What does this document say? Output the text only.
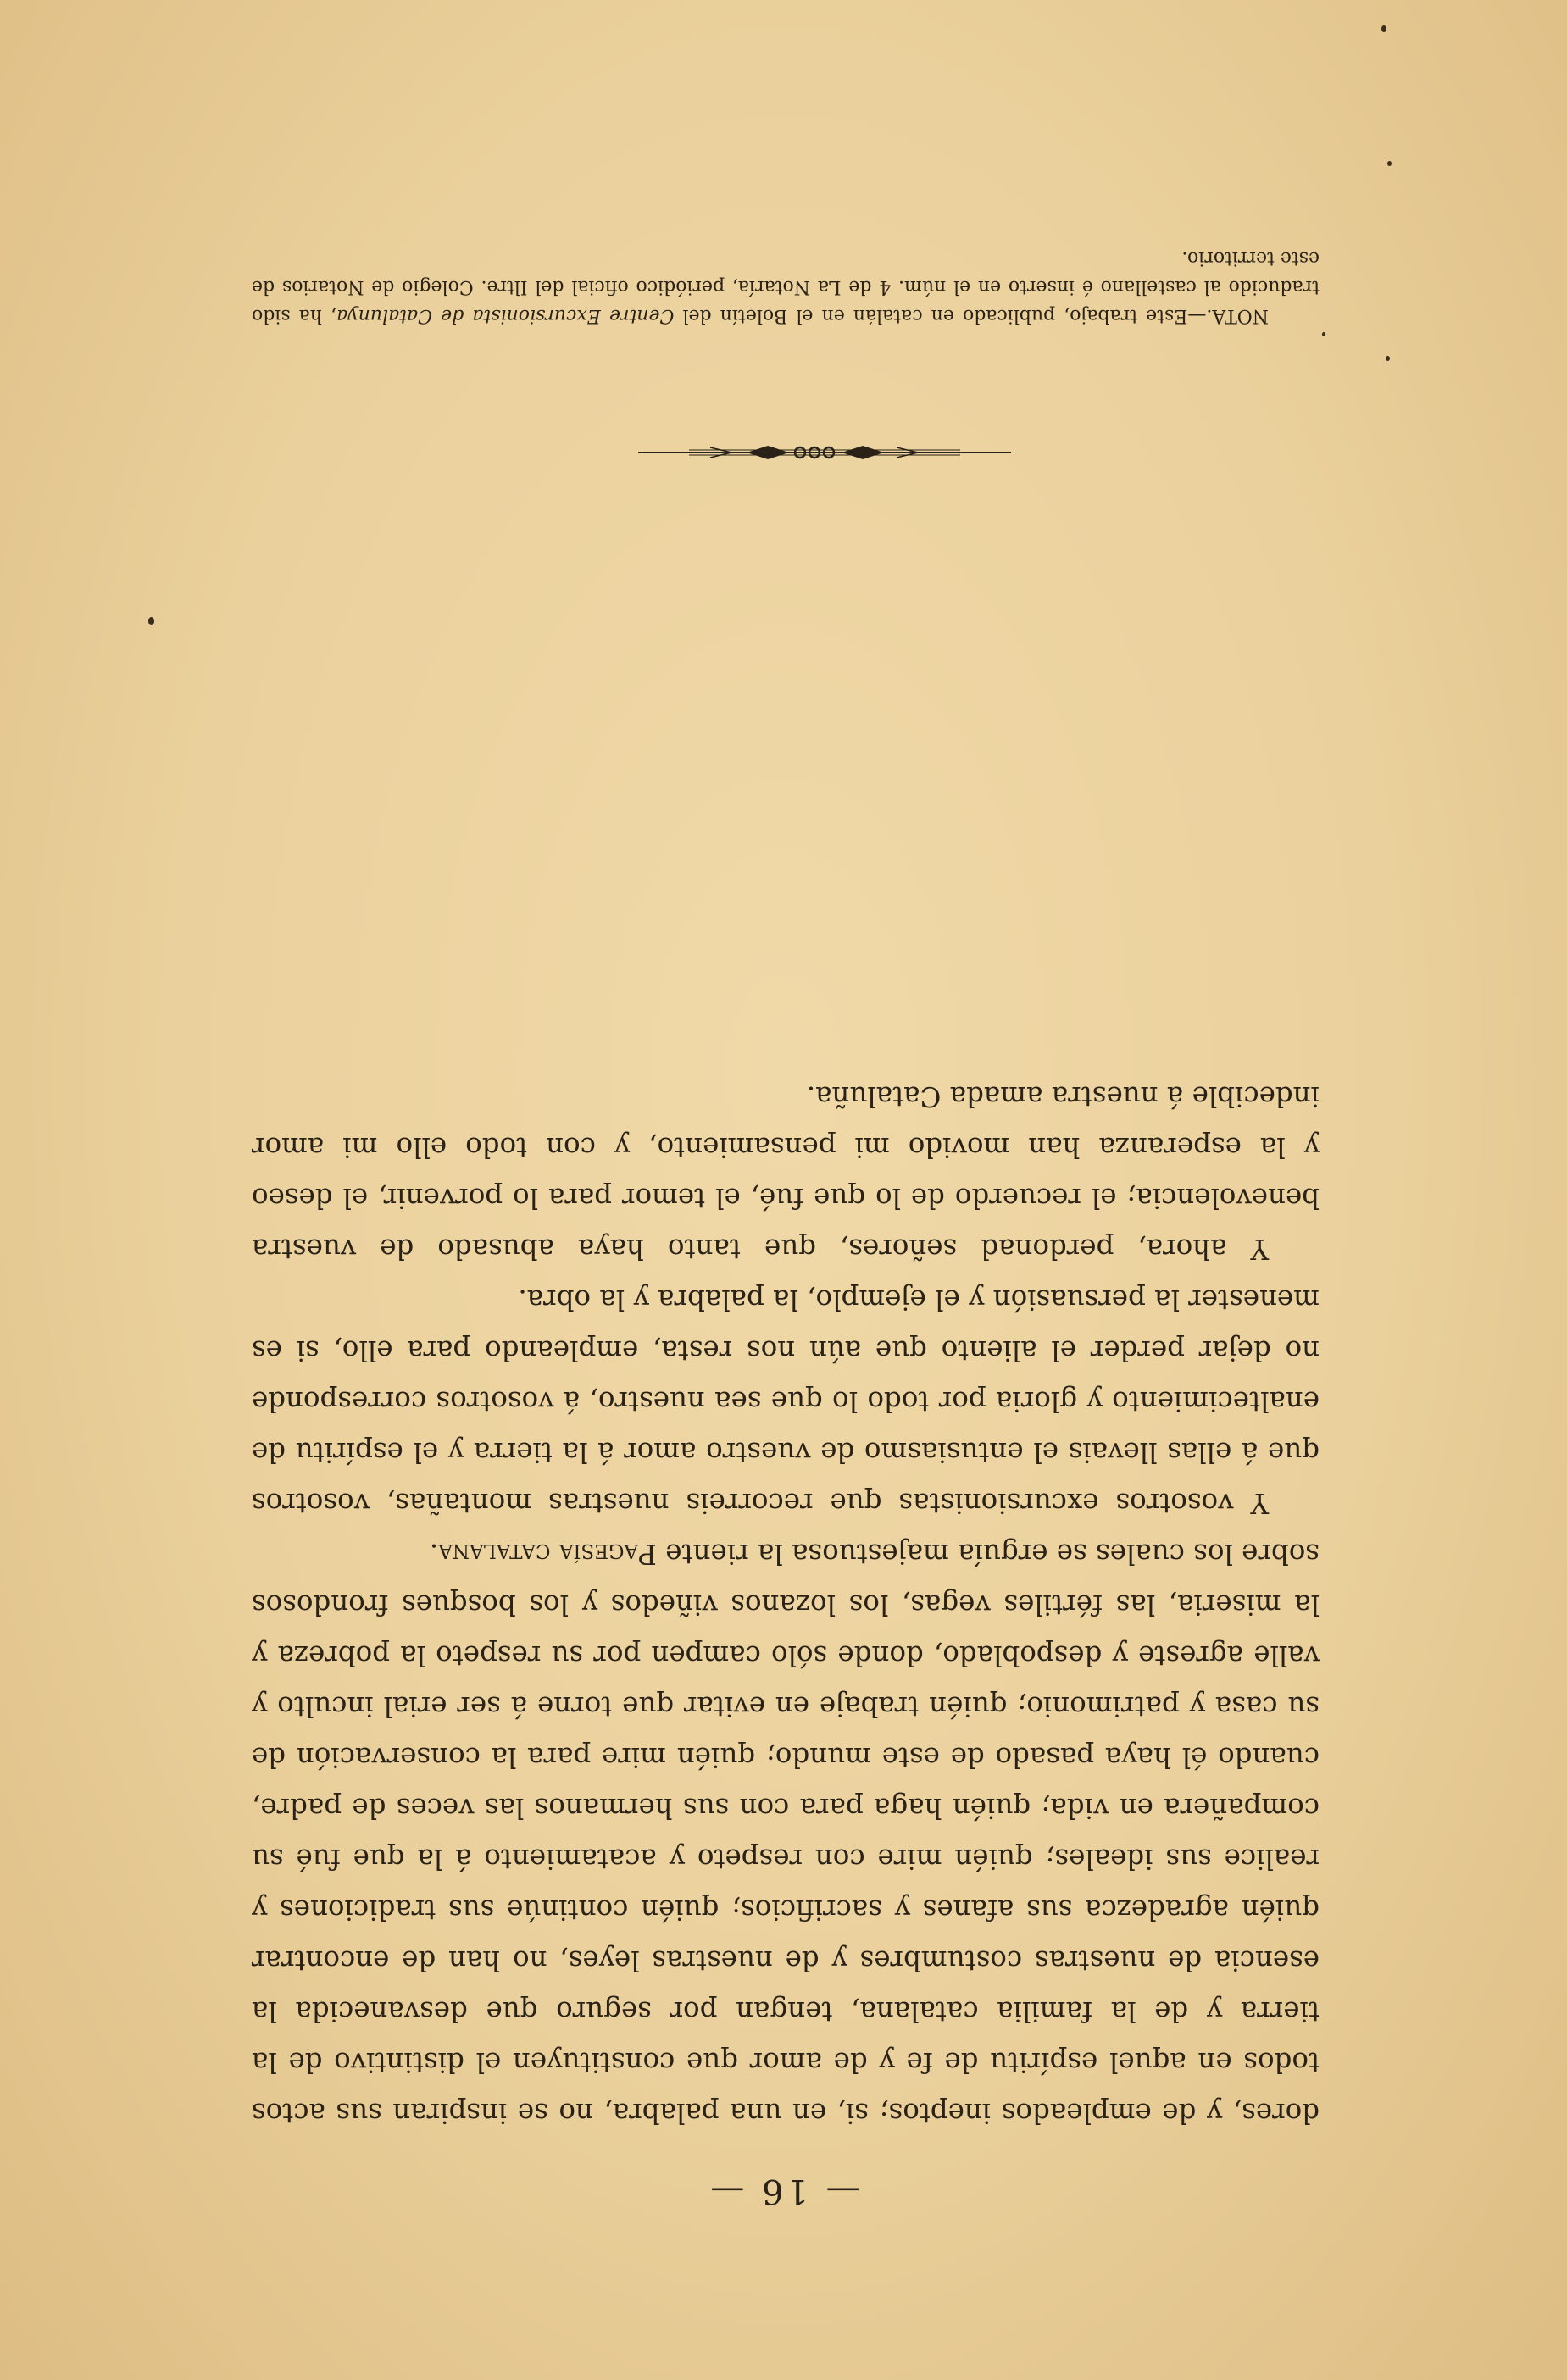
— 16 —

dores, y de empleados ineptos; si, en una palabra, no se inspiran sus actos todos en aquel espíritu de fe y de amor que constituyen el distintivo de la tierra y de la familia catalana, tengan por seguro que desvanecida la esencia de nuestras costumbres y de nuestras leyes, no han de encontrar quién agradezca sus afanes y sacrificios; quién continúe sus tradiciones y realice sus ideales; quién mire con respeto y acatamiento á la que fué su compañera en vida; quién haga para con sus hermanos las veces de padre, cuando él haya pasado de este mundo; quién mire para la conservación de su casa y patrimonio; quién trabaje en evitar que torne á ser erial inculto y valle agreste y despoblado, donde sólo campen por su respeto la pobreza y la miseria, las fértiles vegas, los lozanos viñedos y los bosques frondosos sobre los cuales se erguía majestuosa la riente Pagesía catalana.

Y vosotros excursionistas que recorreis nuestras montañas, vosotros que á ellas llevais el entusiasmo de vuestro amor á la tierra y el espíritu de enaltecimiento y gloria por todo lo que sea nuestro, á vosotros corresponde no dejar perder el aliento que aún nos resta, empleando para ello, si es menester la persuasión y el ejemplo, la palabra y la obra.

Y ahora, perdonad señores, que tanto haya abusado de vuestra benevolencia; el recuerdo de lo que fué, el temor para lo porvenir, el deseo y la esperanza han movido mi pensamiento, y con todo ello mi amor indecible á nuestra amada Cataluña.

NOTA.—Este trabajo, publicado en catalán en el Boletín del Centre Excursionista de Catalunya, ha sido traducido al castellano é inserto en el núm. 4 de La Notaría, periódico oficial del Iltre. Colegio de Notarios de este territorio.
